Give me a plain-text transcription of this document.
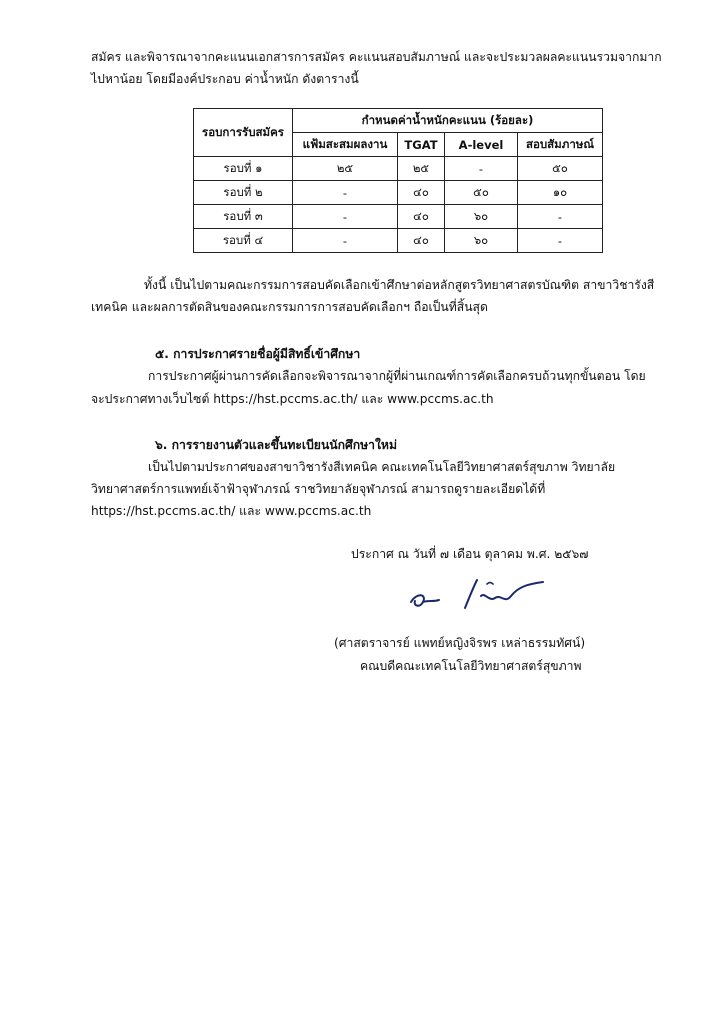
สมัคร และพิจารณาจากคะแนนเอกสารการสมัคร คะแนนสอบสัมภาษณ์ และจะประมวลผลคะแนนรวมจากมาก
ไปหาน้อย โดยมีองค์ประกอบ ค่าน้ำหนัก ดังตารางนี้
รอบการรับสมัคร	กำหนดค่าน้ำหนักคะแนน (ร้อยละ)			
	แฟ้มสะสมผลงาน	TGAT	A-level	สอบสัมภาษณ์
รอบที่ ๑	๒๕	๒๕	-	๕๐
รอบที่ ๒	-	๔๐	๕๐	๑๐
รอบที่ ๓	-	๔๐	๖๐	-
รอบที่ ๔	-	๔๐	๖๐	-
ทั้งนี้ เป็นไปตามคณะกรรมการสอบคัดเลือกเข้าศึกษาต่อหลักสูตรวิทยาศาสตรบัณฑิต สาขาวิชารังสี
เทคนิค และผลการตัดสินของคณะกรรมการการสอบคัดเลือกฯ ถือเป็นที่สิ้นสุด
๕. การประกาศรายชื่อผู้มีสิทธิ์เข้าศึกษา
การประกาศผู้ผ่านการคัดเลือกจะพิจารณาจากผู้ที่ผ่านเกณฑ์การคัดเลือกครบถ้วนทุกขั้นตอน โดย
จะประกาศทางเว็บไซต์ https://hst.pccms.ac.th/ และ www.pccms.ac.th
๖. การรายงานตัวและขึ้นทะเบียนนักศึกษาใหม่
เป็นไปตามประกาศของสาขาวิชารังสีเทคนิค คณะเทคโนโลยีวิทยาศาสตร์สุขภาพ วิทยาลัย
วิทยาศาสตร์การแพทย์เจ้าฟ้าจุฬาภรณ์ ราชวิทยาลัยจุฬาภรณ์ สามารถดูรายละเอียดได้ที่
https://hst.pccms.ac.th/ และ www.pccms.ac.th
ประกาศ ณ วันที่ ๗ เดือน ตุลาคม พ.ศ. ๒๕๖๗
(ศาสตราจารย์ แพทย์หญิงจิรพร เหล่าธรรมทัศน์)
คณบดีคณะเทคโนโลยีวิทยาศาสตร์สุขภาพ
